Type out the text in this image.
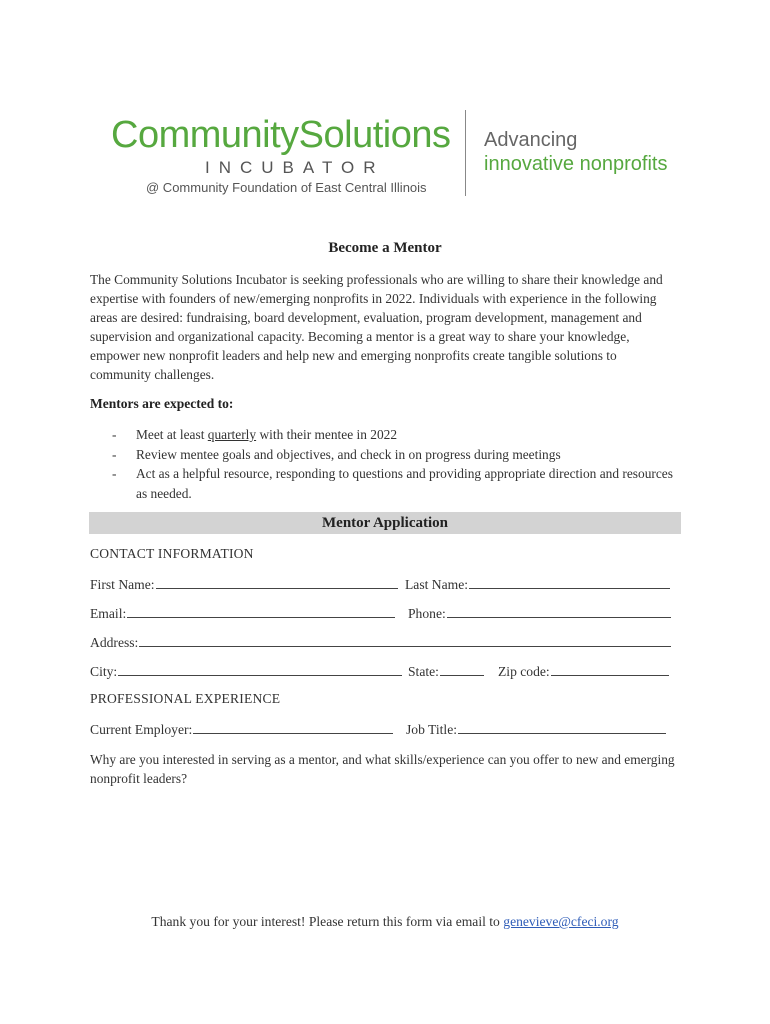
CommunitySolutions
INCUBATOR
@ Community Foundation of East Central Illinois
Advancing
innovative nonprofits
Become a Mentor

The Community Solutions Incubator is seeking professionals who are willing to share their knowledge and expertise with founders of new/emerging nonprofits in 2022. Individuals with experience in the following areas are desired: fundraising, board development, evaluation, program development, management and supervision and organizational capacity. Becoming a mentor is a great way to share your knowledge, empower new nonprofit leaders and help new and emerging nonprofits create tangible solutions to community challenges.

Mentors are expected to:
- Meet at least quarterly with their mentee in 2022
- Review mentee goals and objectives, and check in on progress during meetings
- Act as a helpful resource, responding to questions and providing appropriate direction and resources as needed.
Mentor Application
CONTACT INFORMATION
First Name:	Last Name:
Email:	Phone:
Address:
City:	State:	Zip code:
PROFESSIONAL EXPERIENCE
Current Employer:	Job Title:

Why are you interested in serving as a mentor, and what skills/experience can you offer to new and emerging nonprofit leaders?

Thank you for your interest! Please return this form via email to genevieve@cfeci.org
